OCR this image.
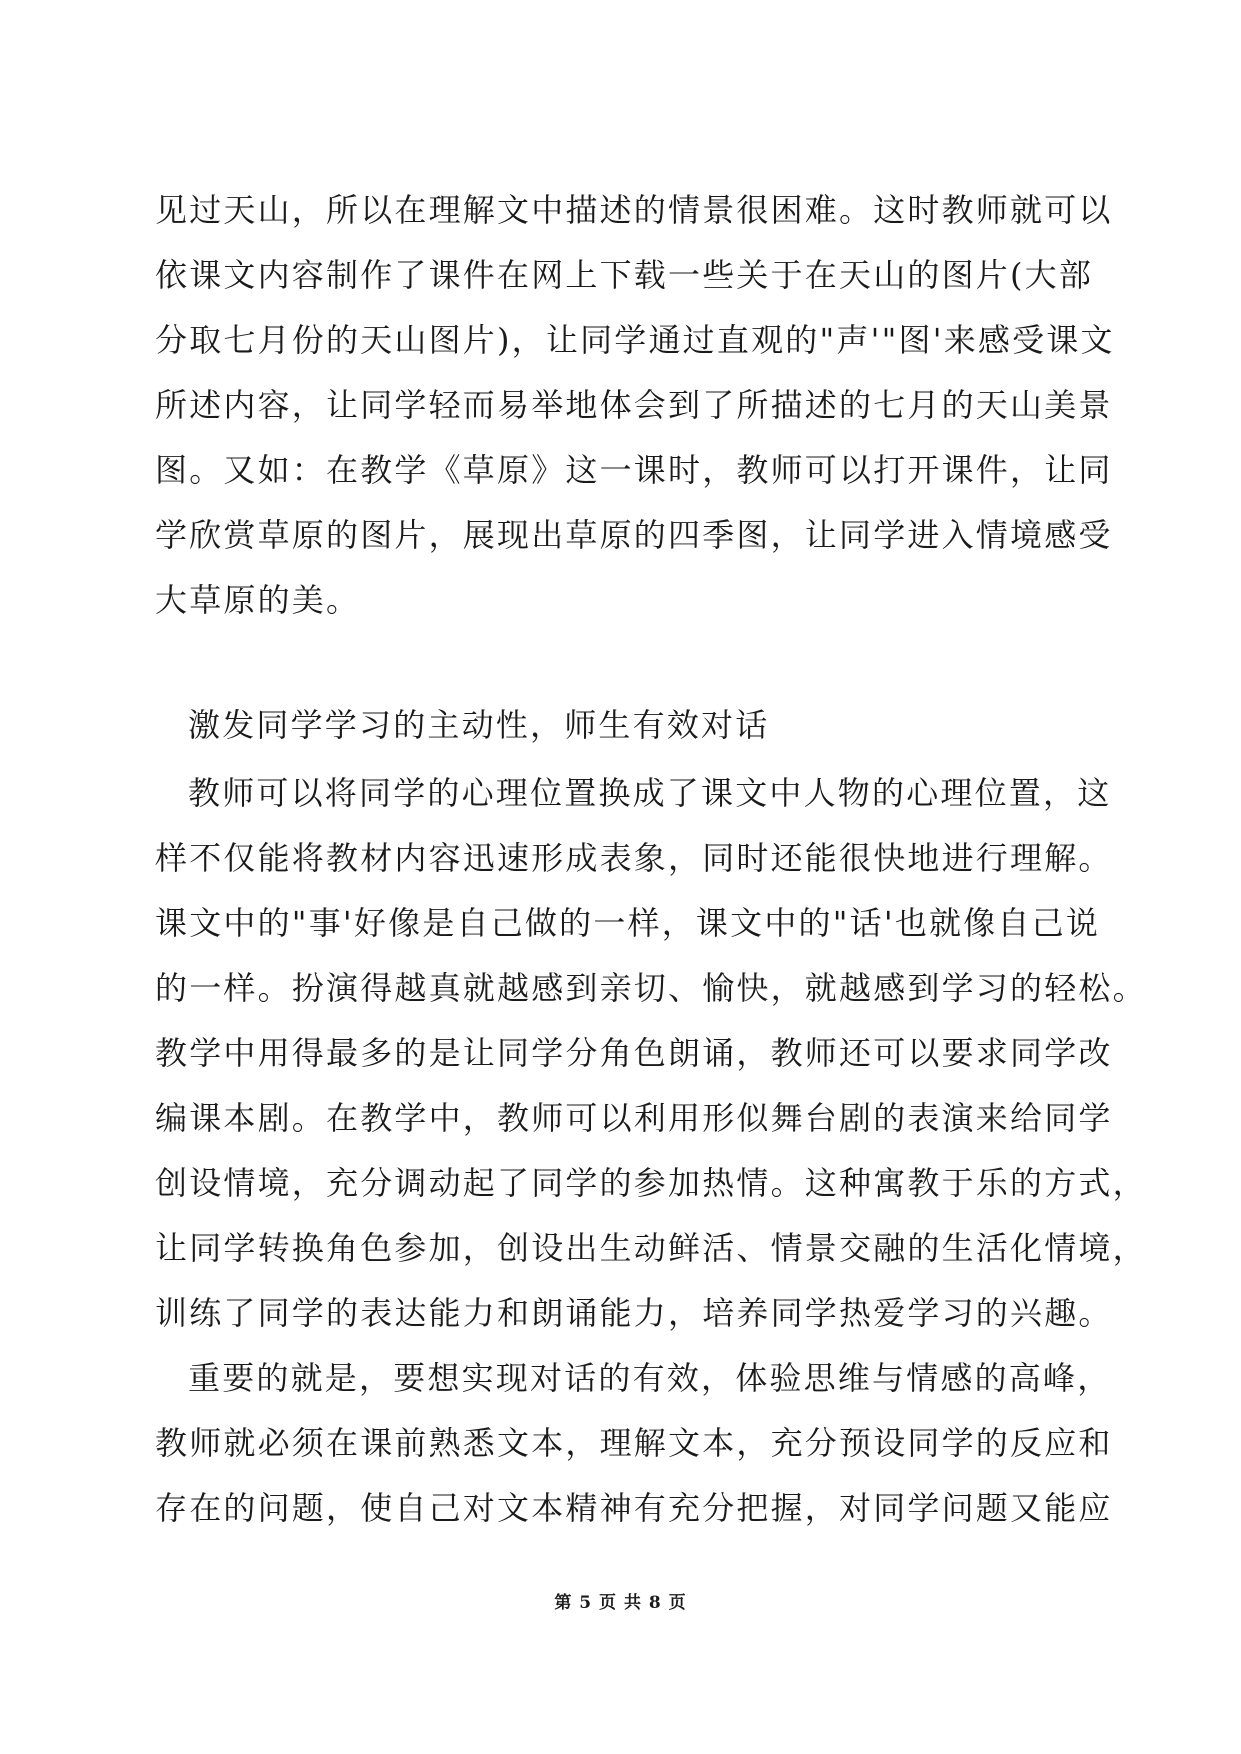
见过天山，所以在理解文中描述的情景很困难。这时教师就可以
依课文内容制作了课件在网上下载一些关于在天山的图片(大部
分取七月份的天山图片)，让同学通过直观的"声'"图'来感受课文
所述内容，让同学轻而易举地体会到了所描述的七月的天山美景
图。又如：在教学《草原》这一课时，教师可以打开课件，让同
学欣赏草原的图片，展现出草原的四季图，让同学进入情境感受
大草原的美。
激发同学学习的主动性，师生有效对话
教师可以将同学的心理位置换成了课文中人物的心理位置，这
样不仅能将教材内容迅速形成表象，同时还能很快地进行理解。
课文中的"事'好像是自己做的一样，课文中的"话'也就像自己说
的一样。扮演得越真就越感到亲切、愉快，就越感到学习的轻松。
教学中用得最多的是让同学分角色朗诵，教师还可以要求同学改
编课本剧。在教学中，教师可以利用形似舞台剧的表演来给同学
创设情境，充分调动起了同学的参加热情。这种寓教于乐的方式，
让同学转换角色参加，创设出生动鲜活、情景交融的生活化情境，
训练了同学的表达能力和朗诵能力，培养同学热爱学习的兴趣。
重要的就是，要想实现对话的有效，体验思维与情感的高峰，
教师就必须在课前熟悉文本，理解文本，充分预设同学的反应和
存在的问题，使自己对文本精神有充分把握，对同学问题又能应
第 5 页 共 8 页
